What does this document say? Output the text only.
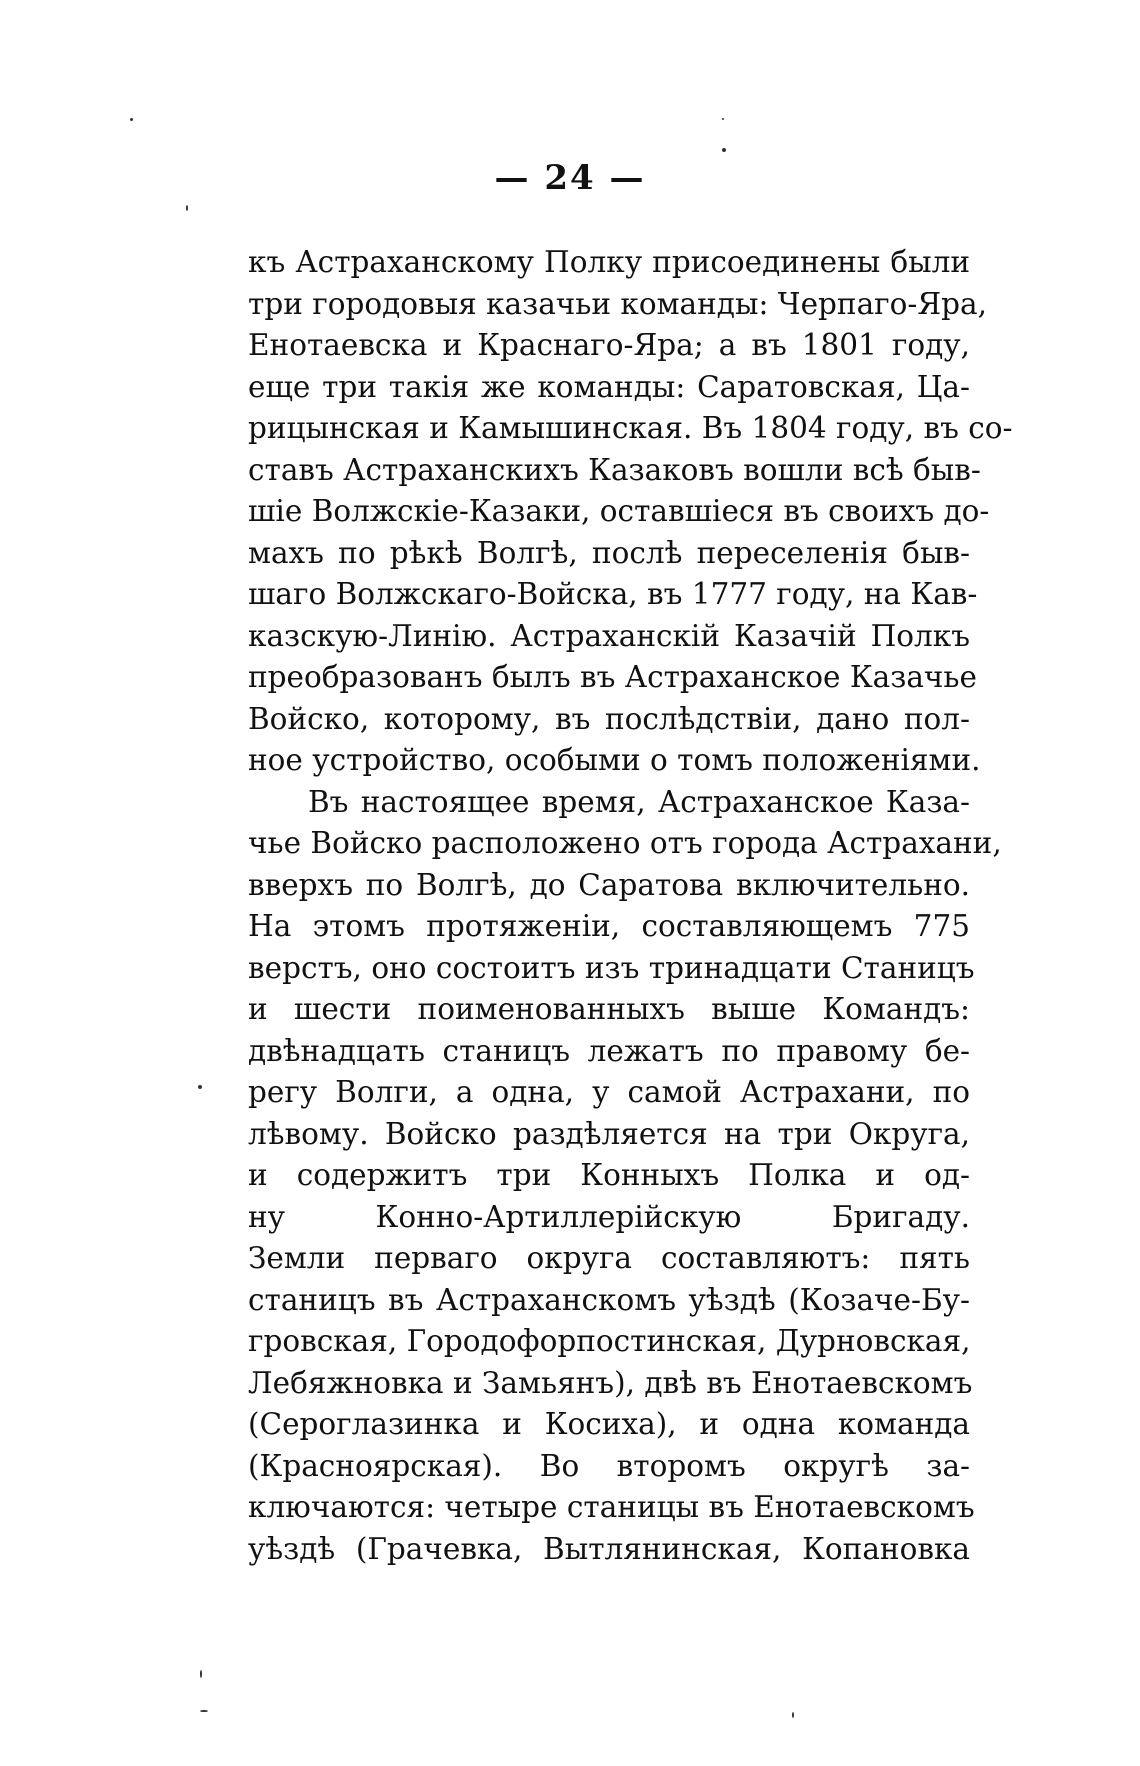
— 24 —
къ Астраханскому Полку присоединены были
три городовыя казачьи команды: Черпаго-Яра,
Енотаевска и Краснаго-Яра; а въ 1801 году,
еще три такія же команды: Саратовская, Ца-
рицынская и Камышинская. Въ 1804 году, въ со-
ставъ Астраханскихъ Казаковъ вошли всѣ быв-
шіе Волжскіе-Казаки, оставшіеся въ своихъ до-
махъ по рѣкѣ Волгѣ, послѣ переселенія быв-
шаго Волжскаго-Войска, въ 1777 году, на Кав-
казскую-Линію. Астраханскій Казачій Полкъ
преобразованъ былъ въ Астраханское Казачье
Войско, которому, въ послѣдствіи, дано пол-
ное устройство, особыми о томъ положеніями.
Въ настоящее время, Астраханское Каза-
чье Войско расположено отъ города Астрахани,
вверхъ по Волгѣ, до Саратова включительно.
На этомъ протяженіи, составляющемъ 775
верстъ, оно состоитъ изъ тринадцати Станицъ
и шести поименованныхъ выше Командъ:
двѣнадцать станицъ лежатъ по правому бе-
регу Волги, а одна, у самой Астрахани, по
лѣвому. Войско раздѣляется на три Округа,
и содержитъ три Конныхъ Полка и од-
ну Конно-Артиллерійскую Бригаду.
Земли перваго округа составляютъ: пять
станицъ въ Астраханскомъ уѣздѣ (Козаче-Бу-
гровская, Городофорпостинская, Дурновская,
Лебяжновка и Замьянъ), двѣ въ Енотаевскомъ
(Сероглазинка и Косиха), и одна команда
(Краснoярская). Во второмъ округѣ за-
ключаются: четыре станицы въ Енотаевскомъ
уѣздѣ (Грачевка, Вытлянинская, Копановка
